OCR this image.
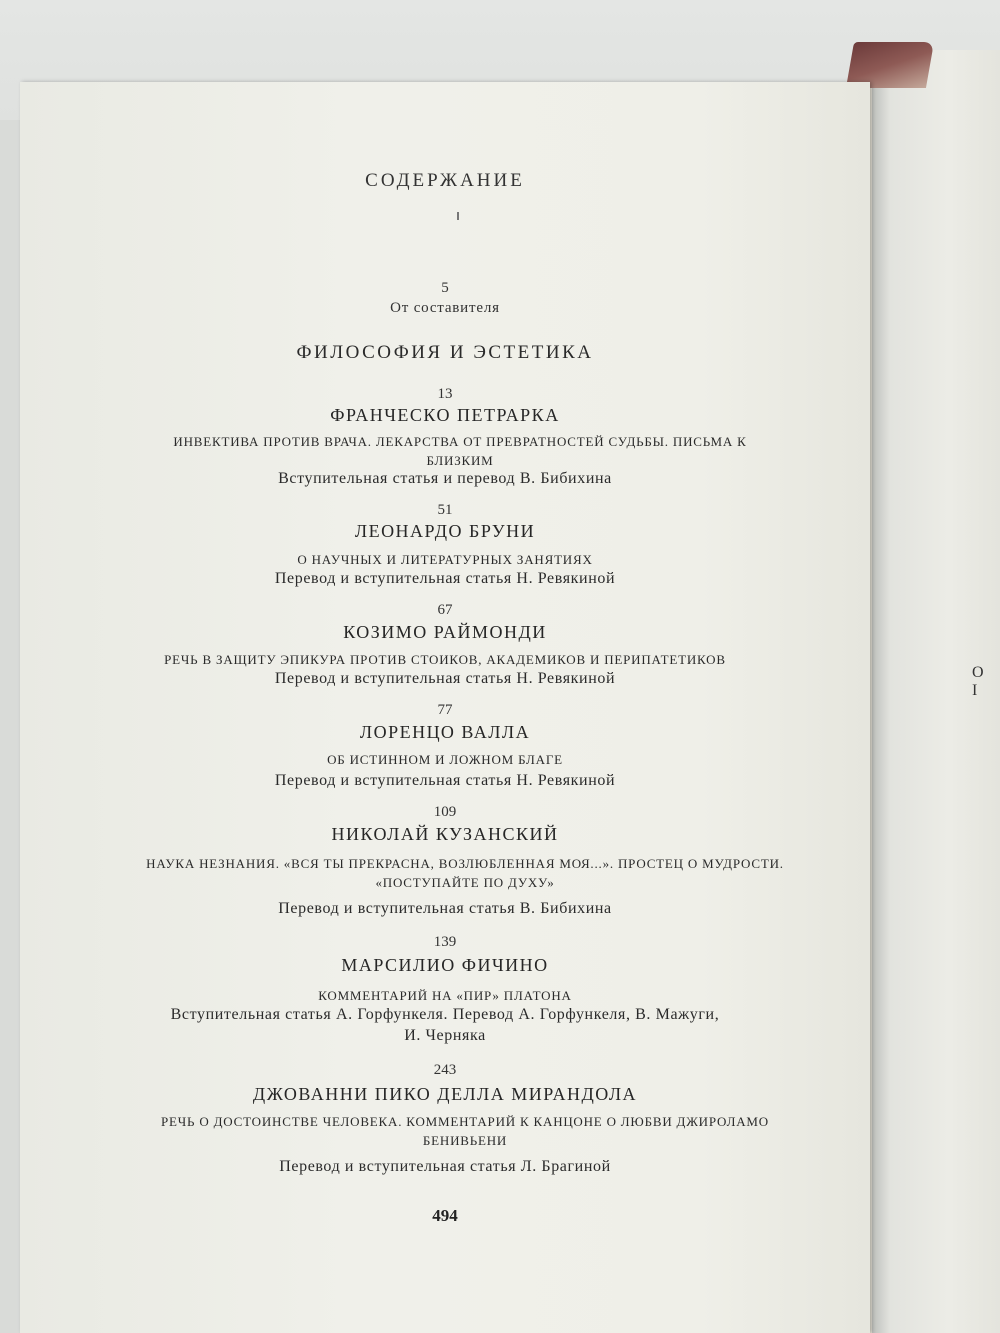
О I
СОДЕРЖАНИЕ
5
От составителя
ФИЛОСОФИЯ И ЭСТЕТИКА
13
ФРАНЧЕСКО ПЕТРАРКА
ИНВЕКТИВА ПРОТИВ ВРАЧА. ЛЕКАРСТВА ОТ ПРЕВРАТНОСТЕЙ СУДЬБЫ. ПИСЬМА К БЛИЗКИМ
Вступительная статья и перевод В. Бибихина
51
ЛЕОНАРДО БРУНИ
О НАУЧНЫХ И ЛИТЕРАТУРНЫХ ЗАНЯТИЯХ
Перевод и вступительная статья Н. Ревякиной
67
КОЗИМО РАЙМОНДИ
РЕЧЬ В ЗАЩИТУ ЭПИКУРА ПРОТИВ СТОИКОВ, АКАДЕМИКОВ И ПЕРИПАТЕТИКОВ
Перевод и вступительная статья Н. Ревякиной
77
ЛОРЕНЦО ВАЛЛА
ОБ ИСТИННОМ И ЛОЖНОМ БЛАГЕ
Перевод и вступительная статья Н. Ревякиной
109
НИКОЛАЙ КУЗАНСКИЙ
НАУКА НЕЗНАНИЯ. «ВСЯ ТЫ ПРЕКРАСНА, ВОЗЛЮБЛЕННАЯ МОЯ...». ПРОСТЕЦ О МУДРОСТИ. «ПОСТУПАЙТЕ ПО ДУХУ»
Перевод и вступительная статья В. Бибихина
139
МАРСИЛИО ФИЧИНО
КОММЕНТАРИЙ НА «ПИР» ПЛАТОНА
Вступительная статья А. Горфункеля. Перевод А. Горфункеля, В. Мажуги, И. Черняка
243
ДЖОВАННИ ПИКО ДЕЛЛА МИРАНДОЛА
РЕЧЬ О ДОСТОИНСТВЕ ЧЕЛОВЕКА. КОММЕНТАРИЙ К КАНЦОНЕ О ЛЮБВИ ДЖИРОЛАМО БЕНИВЬЕНИ
Перевод и вступительная статья Л. Брагиной
494
